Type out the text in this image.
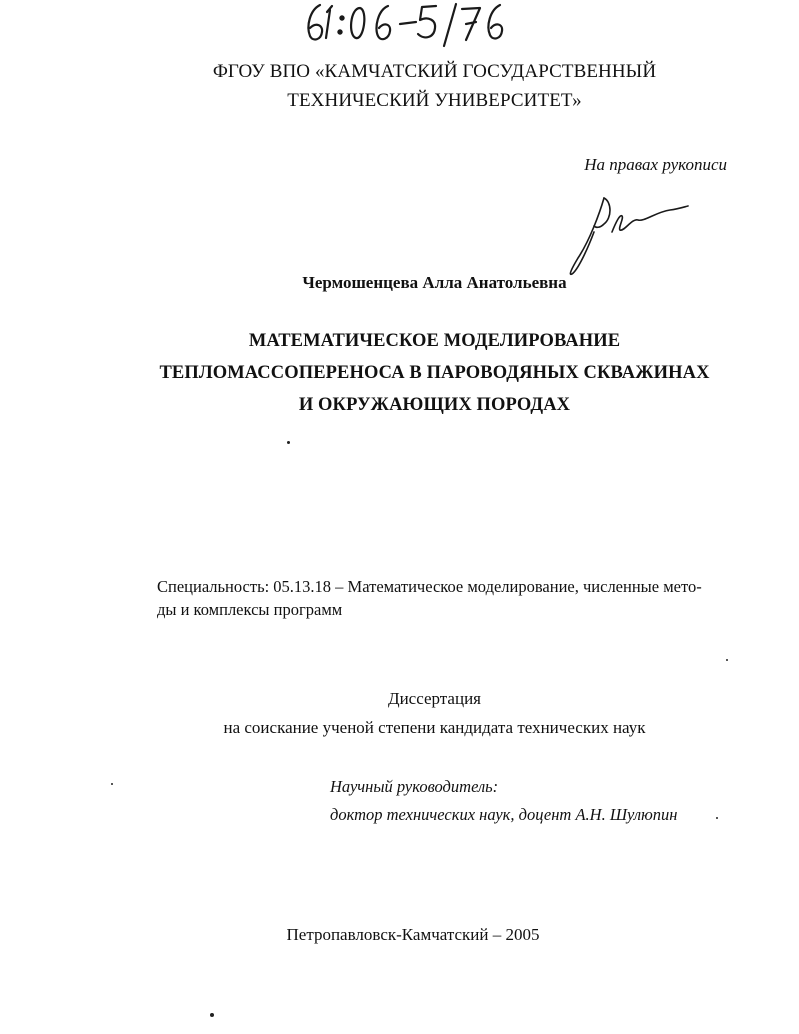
ФГОУ ВПО «КАМЧАТСКИЙ ГОСУДАРСТВЕННЫЙ
ТЕХНИЧЕСКИЙ УНИВЕРСИТЕТ»
На правах рукописи
Чермошенцева Алла Анатольевна
МАТЕМАТИЧЕСКОЕ МОДЕЛИРОВАНИЕ
ТЕПЛОМАССОПЕРЕНОСА В ПАРОВОДЯНЫХ СКВАЖИНАХ
И ОКРУЖАЮЩИХ ПОРОДАХ
Специальность: 05.13.18 – Математическое моделирование, численные мето-
ды и комплексы программ
Диссертация
на соискание ученой степени кандидата технических наук
Научный руководитель:
доктор технических наук, доцент А.Н. Шулюпин
Петропавловск-Камчатский – 2005
